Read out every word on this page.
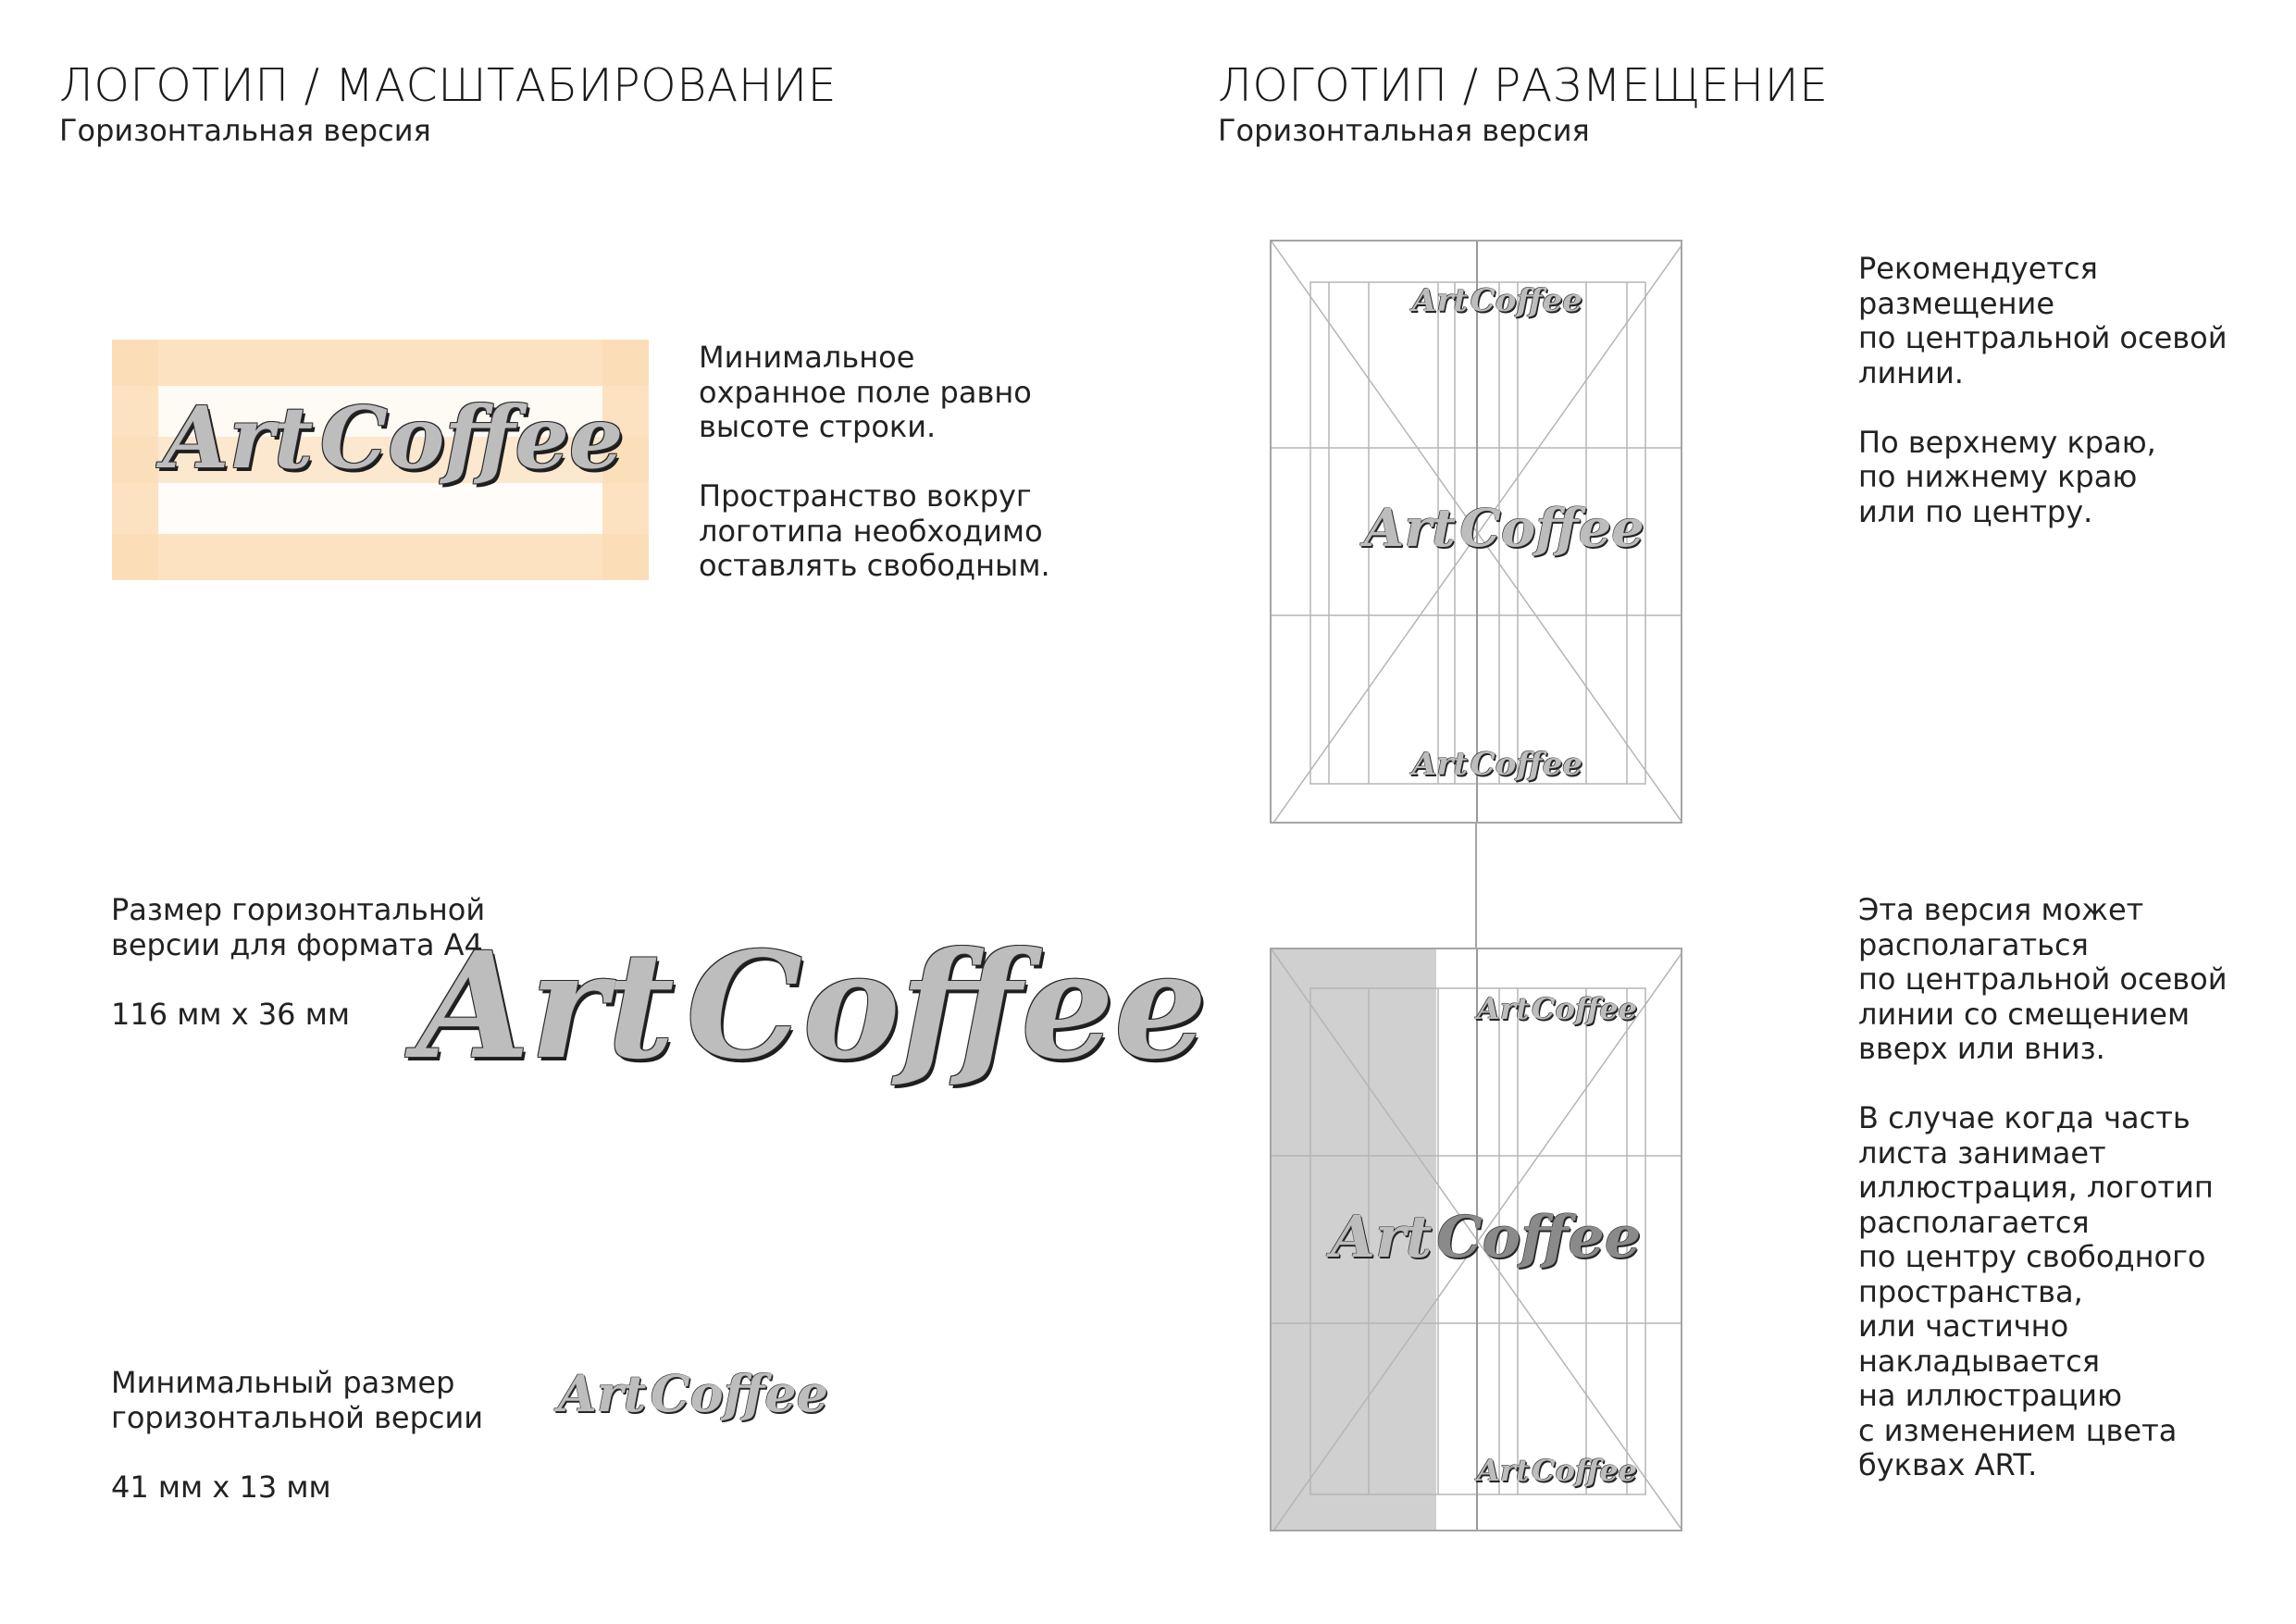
ЛОГОТИП / МАСШТАБИРОВАНИЕ
Горизонтальная версия
ArtCoffee

Минимальное

охранное поле равно

высоте строки.

Пространство вокруг

логотипа необходимо

оставлять свободным.

Размер горизонтальной

версии для формата A4

116 мм х 36 мм ArtCoffee

Минимальный размер

горизонтальной версии

41 мм х 13 мм

ArtCoffee
ЛОГОТИП / РАЗМЕЩЕНИЕ
Горизонтальная версия
ArtCoffee
ArtCoffee
ArtCoffee
ArtCoffee
ArtCoffee
ArtCoffee

Рекомендуется

размещение

по центральной осевой

линии.

По верхнему краю,

по нижнему краю

или по центру.

Эта версия может

располагаться

по центральной осевой

линии со смещением

вверх или вниз.

В случае когда часть

листа занимает

иллюстрация, логотип

располагается

по центру свободного

пространства,

или частично

накладывается

на иллюстрацию

с изменением цвета

буквах ART.
